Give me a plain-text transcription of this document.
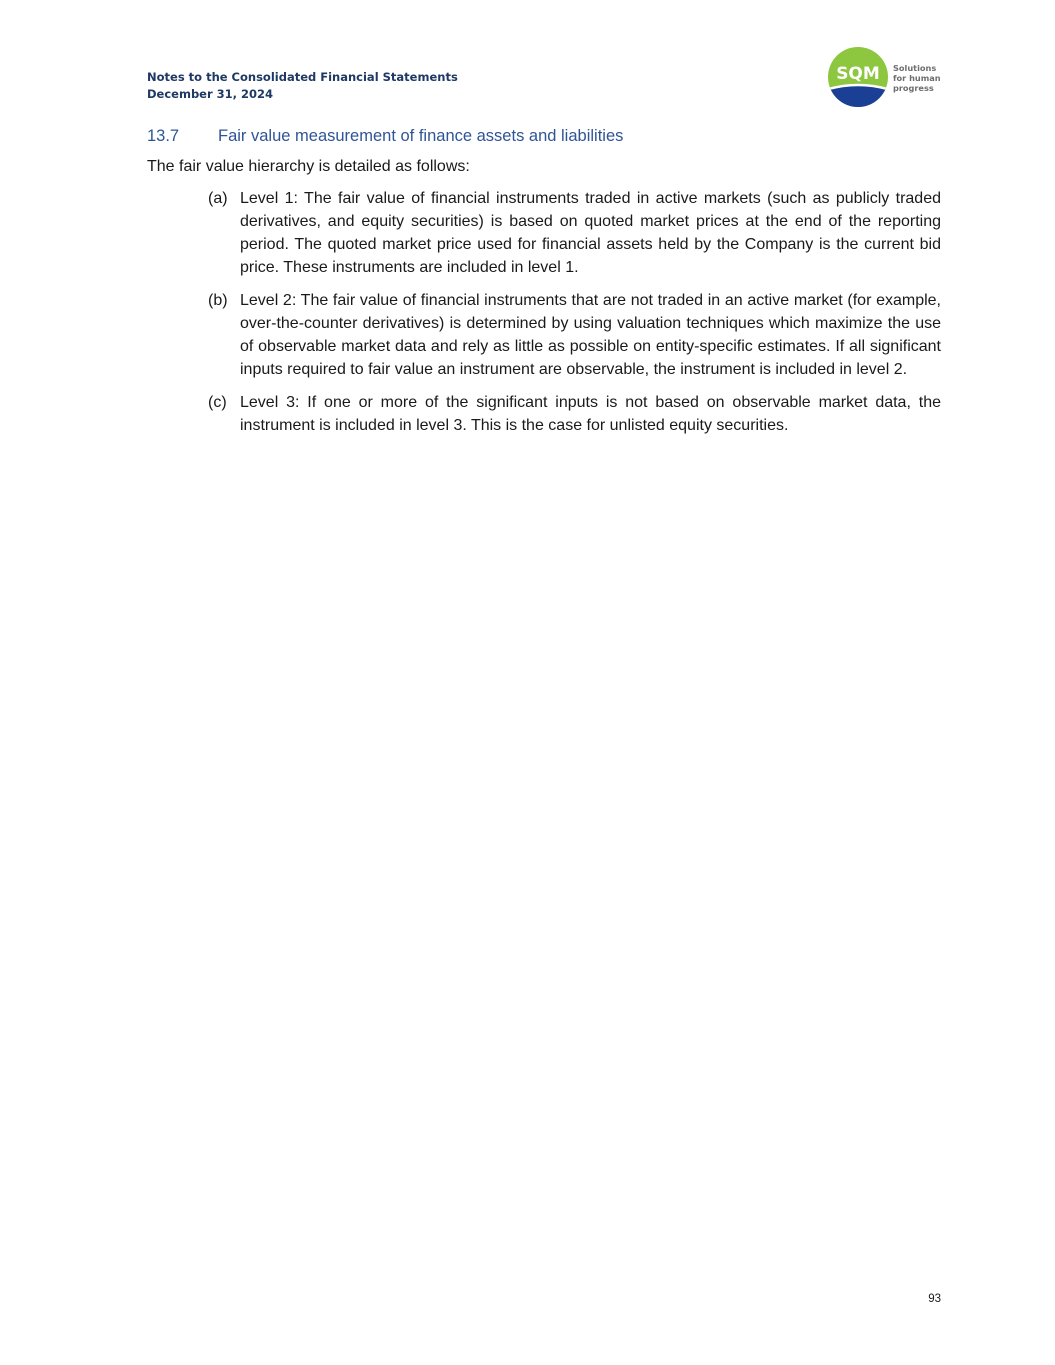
Notes to the Consolidated Financial Statements
December 31, 2024
SQM Solutions
for human
progress
13.7 Fair value measurement of finance assets and liabilities
The fair value hierarchy is detailed as follows:
(a) Level 1: The fair value of financial instruments traded in active markets (such as publicly traded derivatives, and equity securities) is based on quoted market prices at the end of the reporting period. The quoted market price used for financial assets held by the Company is the current bid price. These instruments are included in level 1.
(b) Level 2: The fair value of financial instruments that are not traded in an active market (for example, over-the-counter derivatives) is determined by using valuation techniques which maximize the use of observable market data and rely as little as possible on entity-specific estimates. If all significant inputs required to fair value an instrument are observable, the instrument is included in level 2.
(c) Level 3: If one or more of the significant inputs is not based on observable market data, the instrument is included in level 3. This is the case for unlisted equity securities.
93
